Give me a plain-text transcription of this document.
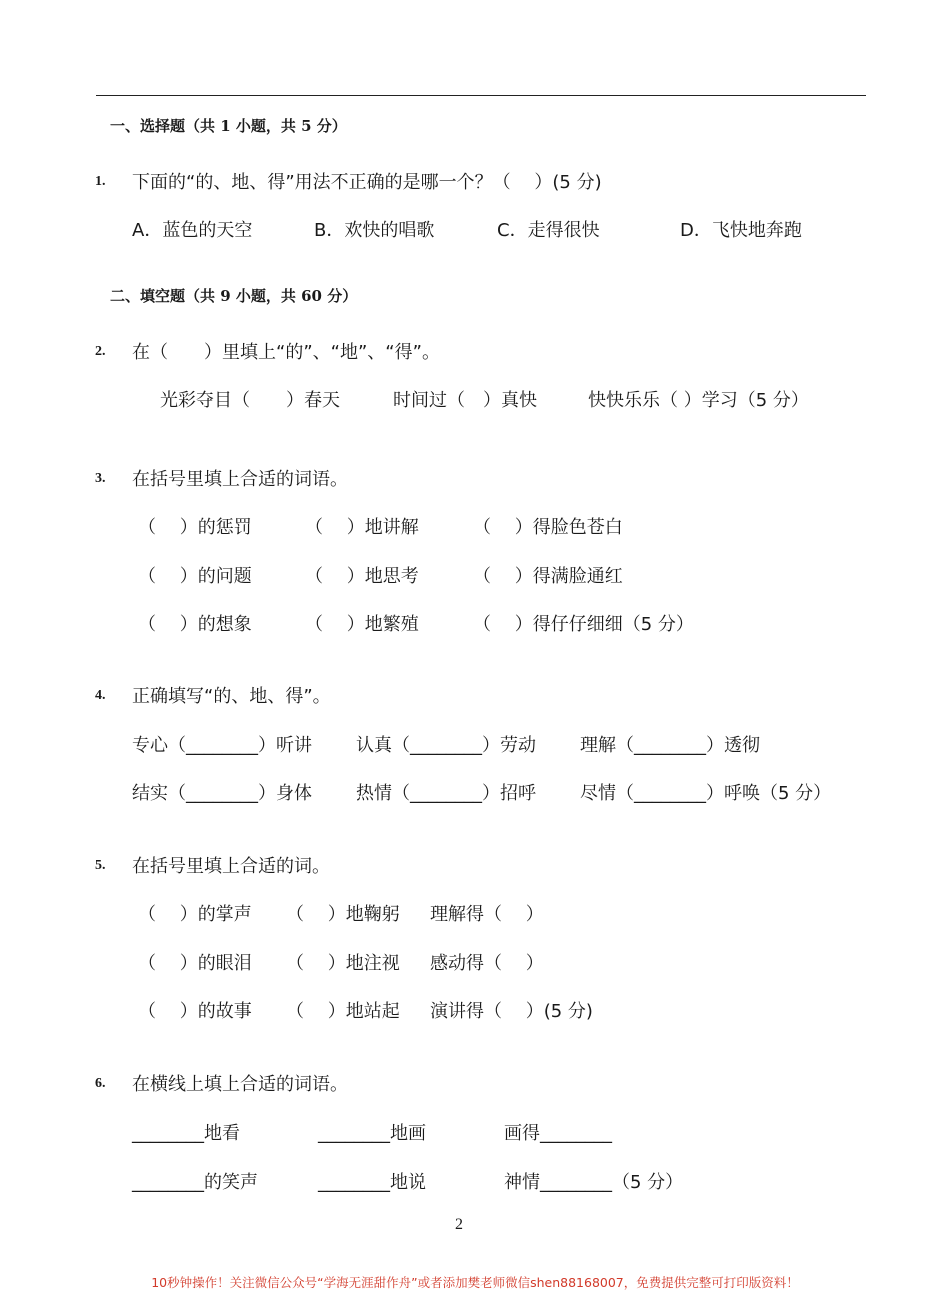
一、选择题（共 1 小题，共 5 分）
1. 下面的“的、地、得”用法不正确的是哪一个？（　 ）(5 分)
A．蓝色的天空	B．欢快的唱歌	C．走得很快	D．飞快地奔跑
二、填空题（共 9 小题，共 60 分）
2. 在（　　）里填上“的”、“地”、“得”。
光彩夺目（　　）春天	时间过（　）真快	快快乐乐（ ）学习（5 分）
3. 在括号里填上合适的词语。
（　 ）的惩罚	（　 ）地讲解	（　 ）得脸色苍白
（　 ）的问题	（　 ）地思考	（　 ）得满脸通红
（　 ）的想象	（　 ）地繁殖	（　 ）得仔仔细细（5 分）
4. 正确填写“的、地、得”。
专心（________）听讲 认真（________）劳动 理解（________）透彻
结实（________）身体 热情（________）招呼 尽情（________）呼唤（5 分）
5. 在括号里填上合适的词。
（　 ）的掌声 （　 ）地鞠躬 理解得（　 ）
（　 ）的眼泪 （　 ）地注视 感动得（　 ）
（　 ）的故事 （　 ）地站起 演讲得（　 ）(5 分)
6. 在横线上填上合适的词语。
________地看	________地画	画得________
________的笑声	________地说	神情________（5 分）
2
10秒钟操作！关注微信公众号“学海无涯甜作舟”或者添加樊老师微信shen88168007，免费提供完整可打印版资料！
